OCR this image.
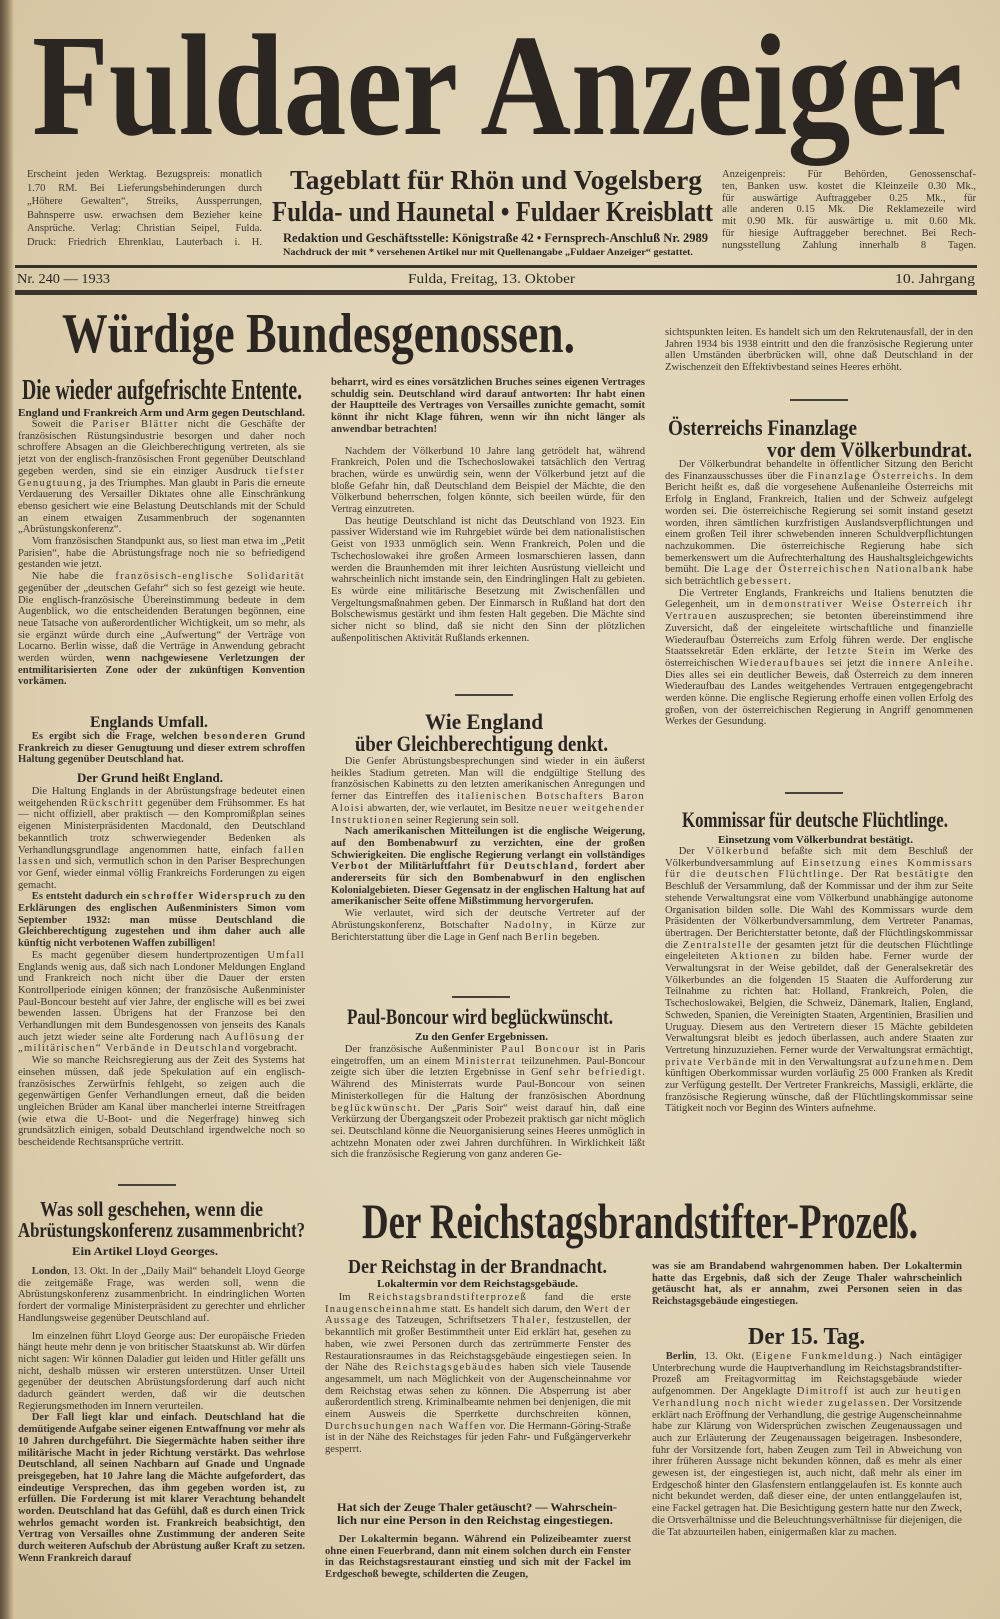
Fuldaer Anzeiger
Tageblatt für Rhön und Vogelsberg
Fulda- und Haunetal • Fuldaer Kreisblatt
Redaktion und Geschäftsstelle: Königstraße 42 • Fernsprech-Anschluß Nr. 2989
Nachdruck der mit * versehenen Artikel nur mit Quellenangabe „Fuldaer Anzeiger“ gestattet.
Nr. 240 — 1933	Fulda, Freitag, 13. Oktober	10. Jahrgang
Würdige Bundesgenossen.
Die wieder aufgefrischte Entente.
England und Frankreich Arm und Arm gegen Deutschland.
Englands Umfall.
Der Grund heißt England.
Was soll geschehen, wenn die
Abrüstungskonferenz zusammenbricht?
Ein Artikel Lloyd Georges.
Wie England
über Gleichberechtigung denkt.
Paul-Boncour wird beglückwünscht.
Zu den Genfer Ergebnissen.
Österreichs Finanzlage
vor dem Völkerbundrat.
Kommissar für deutsche Flüchtlinge.
Einsetzung vom Völkerbundrat bestätigt.
Der Reichstagsbrandstifter-Prozeß.
Der Reichstag in der Brandnacht.
Lokaltermin vor dem Reichstagsgebäude.
Hat sich der Zeuge Thaler getäuscht? — Wahrschein-
lich nur eine Person in den Reichstag eingestiegen.
Der 15. Tag.
Erscheint jeden Werktag. Bezugspreis: monatlich
1.70 RM. Bei Lieferungsbehinderungen durch
„Höhere Gewalten“, Streiks, Aussperrungen,
Bahnsperre usw. erwachsen dem Bezieher keine
Ansprüche. Verlag: Christian Seipel, Fulda.
Druck: Friedrich Ehrenklau, Lauterbach i. H.
Anzeigenpreis: Für Behörden, Genossenschaf-
ten, Banken usw. kostet die Kleinzeile 0.30 Mk.,
für auswärtige Auftraggeber 0.25 Mk., für
alle anderen 0.15 Mk. Die Reklamezeile wird
mit 0.90 Mk. für auswärtige u. mit 0.60 Mk.
für hiesige Auftraggeber berechnet. Bei Rech-
nungsstellung Zahlung innerhalb 8 Tagen.

Soweit die Pariser Blätter nicht die Geschäfte der französischen Rüstungsindustrie besorgen und daher noch schroffere Absagen an die Gleichberechtigung vertreten, als sie jetzt von der englisch-französischen Front gegenüber Deutschland gegeben werden, sind sie ein einziger Ausdruck tiefster Genugtuung, ja des Triumphes. Man glaubt in Paris die erneute Verdauerung des Versailler Diktates ohne alle Einschränkung ebenso gesichert wie eine Belastung Deutschlands mit der Schuld an einem etwaigen Zusammenbruch der sogenannten „Abrüstungskonferenz“.

Vom französischen Standpunkt aus, so liest man etwa im „Petit Parisien“, habe die Abrüstungsfrage noch nie so befriedigend gestanden wie jetzt.

Nie habe die französisch-englische Solidarität gegenüber der „deutschen Gefahr“ sich so fest gezeigt wie heute. Die englisch-französische Übereinstimmung bedeute in dem Augenblick, wo die entscheidenden Beratungen begönnen, eine neue Tatsache von außerordentlicher Wichtigkeit, um so mehr, als sie ergänzt würde durch eine „Aufwertung“ der Verträge von Locarno. Berlin wisse, daß die Verträge in Anwendung gebracht werden würden, wenn nachgewiesene Verletzungen der entmilitarisierten Zone oder der zukünftigen Konvention vorkämen.

Es ergibt sich die Frage, welchen besonderen Grund Frankreich zu dieser Genugtuung und dieser extrem schroffen Haltung gegenüber Deutschland hat.

Die Haltung Englands in der Abrüstungsfrage bedeutet einen weitgehenden Rückschritt gegenüber dem Frühsommer. Es hat — nicht offiziell, aber praktisch — den Kompromißplan seines eigenen Ministerpräsidenten Macdonald, den Deutschland bekanntlich trotz schwerwiegender Bedenken als Verhandlungsgrundlage angenommen hatte, einfach fallen lassen und sich, vermutlich schon in den Pariser Besprechungen vor Genf, wieder einmal völlig Frankreichs Forderungen zu eigen gemacht.

Es entsteht dadurch ein schroffer Widerspruch zu den Erklärungen des englischen Außenministers Simon vom September 1932: man müsse Deutschland die Gleichberechtigung zugestehen und ihm daher auch alle künftig nicht verbotenen Waffen zubilligen!

Es macht gegenüber diesem hundertprozentigen Umfall Englands wenig aus, daß sich nach Londoner Meldungen England und Frankreich noch nicht über die Dauer der ersten Kontrollperiode einigen können; der französische Außenminister Paul-Boncour besteht auf vier Jahre, der englische will es bei zwei bewenden lassen. Übrigens hat der Franzose bei den Verhandlungen mit dem Bundesgenossen von jenseits des Kanals auch jetzt wieder seine alte Forderung nach Auflösung der „militärischen“ Verbände in Deutschland vorgebracht.

Wie so manche Reichsregierung aus der Zeit des Systems hat einsehen müssen, daß jede Spekulation auf ein englisch-französisches Zerwürfnis fehlgeht, so zeigen auch die gegenwärtigen Genfer Verhandlungen erneut, daß die beiden ungleichen Brüder am Kanal über mancherlei interne Streitfragen (wie etwa die U-Boot- und die Negerfrage) hinweg sich grundsätzlich einigen, sobald Deutschland irgendwelche noch so bescheidende Rechtsansprüche vertritt.

London, 13. Okt. In der „Daily Mail“ behandelt Lloyd George die zeitgemäße Frage, was werden soll, wenn die Abrüstungskonferenz zusammenbricht. In eindringlichen Worten fordert der vormalige Ministerpräsident zu gerechter und ehrlicher Handlungsweise gegenüber Deutschland auf.

Im einzelnen führt Lloyd George aus: Der europäische Frieden hängt heute mehr denn je von britischer Staatskunst ab. Wir dürfen nicht sagen: Wir können Daladier gut leiden und Hitler gefällt uns nicht, deshalb müssen wir ersteren unterstützen. Unser Urteil gegenüber der deutschen Abrüstungsforderung darf auch nicht dadurch geändert werden, daß wir die deutschen Regierungsmethoden im Innern verurteilen.

Der Fall liegt klar und einfach. Deutschland hat die demütigende Aufgabe seiner eigenen Entwaffnung vor mehr als 10 Jahren durchgeführt. Die Siegermächte haben seither ihre militärische Macht in jeder Richtung verstärkt. Das wehrlose Deutschland, all seinen Nachbarn auf Gnade und Ungnade preisgegeben, hat 10 Jahre lang die Mächte aufgefordert, das eindeutige Versprechen, das ihm gegeben worden ist, zu erfüllen. Die Forderung ist mit klarer Verachtung behandelt worden. Deutschland hat das Gefühl, daß es durch einen Trick wehrlos gemacht worden ist. Frankreich beabsichtigt, den Vertrag von Versailles ohne Zustimmung der anderen Seite durch weiteren Aufschub der Abrüstung außer Kraft zu setzen. Wenn Frankreich darauf

beharrt, wird es eines vorsätzlichen Bruches seines eigenen Vertrages schuldig sein. Deutschland wird darauf antworten: Ihr habt einen der Hauptteile des Vertrages von Versailles zunichte gemacht, somit könnt ihr nicht Klage führen, wenn wir ihn nicht länger als anwendbar betrachten!

Nachdem der Völkerbund 10 Jahre lang getrödelt hat, während Frankreich, Polen und die Tschechoslowakei tatsächlich den Vertrag brachen, würde es unwürdig sein, wenn der Völkerbund jetzt auf die bloße Gefahr hin, daß Deutschland dem Beispiel der Mächte, die den Völkerbund beherrschen, folgen könnte, sich beeilen würde, für den Vertrag einzutreten.

Das heutige Deutschland ist nicht das Deutschland von 1923. Ein passiver Widerstand wie im Ruhrgebiet würde bei dem nationalistischen Geist von 1933 unmöglich sein. Wenn Frankreich, Polen und die Tschechoslowakei ihre großen Armeen losmarschieren lassen, dann werden die Braunhemden mit ihrer leichten Ausrüstung vielleicht und wahrscheinlich nicht imstande sein, den Eindringlingen Halt zu gebieten. Es würde eine militärische Besetzung mit Zwischenfällen und Vergeltungsmaßnahmen geben. Der Einmarsch in Rußland hat dort den Bolschewismus gestärkt und ihm festen Halt gegeben. Die Mächte sind sicher nicht so blind, daß sie nicht den Sinn der plötzlichen außenpolitischen Aktivität Rußlands erkennen.

Die Genfer Abrüstungsbesprechungen sind wieder in ein äußerst heikles Stadium getreten. Man will die endgültige Stellung des französischen Kabinetts zu den letzten amerikanischen Anregungen und ferner das Eintreffen des italienischen Botschafters Baron Aloisi abwarten, der, wie verlautet, im Besitze neuer weitgehender Instruktionen seiner Regierung sein soll.

Nach amerikanischen Mitteilungen ist die englische Weigerung, auf den Bombenabwurf zu verzichten, eine der großen Schwierigkeiten. Die englische Regierung verlangt ein vollständiges Verbot der Militärluftfahrt für Deutschland, fordert aber andererseits für sich den Bombenabwurf in den englischen Kolonialgebieten. Dieser Gegensatz in der englischen Haltung hat auf amerikanischer Seite offene Mißstimmung hervorgerufen.

Wie verlautet, wird sich der deutsche Vertreter auf der Abrüstungskonferenz, Botschafter Nadolny, in Kürze zur Berichterstattung über die Lage in Genf nach Berlin begeben.

Der französische Außenminister Paul Boncour ist in Paris eingetroffen, um an einem Ministerrat teilzunehmen. Paul-Boncour zeigte sich über die letzten Ergebnisse in Genf sehr befriedigt. Während des Ministerrats wurde Paul-Boncour von seinen Ministerkollegen für die Haltung der französischen Abordnung beglückwünscht. Der „Paris Soir“ weist darauf hin, daß eine Verkürzung der Übergangszeit oder Probezeit praktisch gar nicht möglich sei. Deutschland könne die Neuorganisierung seines Heeres unmöglich in achtzehn Monaten oder zwei Jahren durchführen. In Wirklichkeit läßt sich die französische Regierung von ganz anderen Ge-

sichtspunkten leiten. Es handelt sich um den Rekrutenausfall, der in den Jahren 1934 bis 1938 eintritt und den die französische Regierung unter allen Umständen überbrücken will, ohne daß Deutschland in der Zwischenzeit den Effektivbestand seines Heeres erhöht.

Der Völkerbundrat behandelte in öffentlicher Sitzung den Bericht des Finanzausschusses über die Finanzlage Österreichs. In dem Bericht heißt es, daß die vorgesehene Außenanleihe Österreichs mit Erfolg in England, Frankreich, Italien und der Schweiz aufgelegt worden sei. Die österreichische Regierung sei somit instand gesetzt worden, ihren sämtlichen kurzfristigen Auslandsverpflichtungen und einem großen Teil ihrer schwebenden inneren Schuldverpflichtungen nachzukommen. Die österreichische Regierung habe sich bemerkenswert um die Aufrechterhaltung des Haushaltsgleichgewichts bemüht. Die Lage der Österreichischen Nationalbank habe sich beträchtlich gebessert.

Die Vertreter Englands, Frankreichs und Italiens benutzten die Gelegenheit, um in demonstrativer Weise Österreich ihr Vertrauen auszusprechen; sie betonten übereinstimmend ihre Zuversicht, daß der eingeleitete wirtschaftliche und finanzielle Wiederaufbau Österreichs zum Erfolg führen werde. Der englische Staatssekretär Eden erklärte, der letzte Stein im Werke des österreichischen Wiederaufbaues sei jetzt die innere Anleihe. Dies alles sei ein deutlicher Beweis, daß Österreich zu dem inneren Wiederaufbau des Landes weitgehendes Vertrauen entgegengebracht werden könne. Die englische Regierung erhoffe einen vollen Erfolg des großen, von der österreichischen Regierung in Angriff genommenen Werkes der Gesundung.

Der Völkerbund befaßte sich mit dem Beschluß der Völkerbundversammlung auf Einsetzung eines Kommissars für die deutschen Flüchtlinge. Der Rat bestätigte den Beschluß der Versammlung, daß der Kommissar und der ihm zur Seite stehende Verwaltungsrat eine vom Völkerbund unabhängige autonome Organisation bilden solle. Die Wahl des Kommissars wurde dem Präsidenten der Völkerbundversammlung, dem Vertreter Panamas, übertragen. Der Berichterstatter betonte, daß der Flüchtlingskommissar die Zentralstelle der gesamten jetzt für die deutschen Flüchtlinge eingeleiteten Aktionen zu bilden habe. Ferner wurde der Verwaltungsrat in der Weise gebildet, daß der Generalsekretär des Völkerbundes an die folgenden 15 Staaten die Aufforderung zur Teilnahme zu richten hat: Holland, Frankreich, Polen, die Tschechoslowakei, Belgien, die Schweiz, Dänemark, Italien, England, Schweden, Spanien, die Vereinigten Staaten, Argentinien, Brasilien und Uruguay. Diesem aus den Vertretern dieser 15 Mächte gebildeten Verwaltungsrat bleibt es jedoch überlassen, auch andere Staaten zur Vertretung hinzuzuziehen. Ferner wurde der Verwaltungsrat ermächtigt, private Verbände mit in den Verwaltungsrat aufzunehmen. Dem künftigen Oberkommissar wurden vorläufig 25 000 Franken als Kredit zur Verfügung gestellt. Der Vertreter Frankreichs, Massigli, erklärte, die französische Regierung wünsche, daß der Flüchtlingskommissar seine Tätigkeit noch vor Beginn des Winters aufnehme.

Im Reichstagsbrandstifterprozeß fand die erste Inaugenscheinnahme statt. Es handelt sich darum, den Wert der Aussage des Tatzeugen, Schriftsetzers Thaler, festzustellen, der bekanntlich mit großer Bestimmtheit unter Eid erklärt hat, gesehen zu haben, wie zwei Personen durch das zertrümmerte Fenster des Restaurationsraumes in das Reichstagsgebäude eingestiegen seien. In der Nähe des Reichstagsgebäudes haben sich viele Tausende angesammelt, um nach Möglichkeit von der Augenscheinnahme vor dem Reichstag etwas sehen zu können. Die Absperrung ist aber außerordentlich streng. Kriminalbeamte nehmen bei denjenigen, die mit einem Ausweis die Sperrkette durchschreiten können, Durchsuchungen nach Waffen vor. Die Hermann-Göring-Straße ist in der Nähe des Reichstages für jeden Fahr- und Fußgängerverkehr gesperrt.

Der Lokaltermin begann. Während ein Polizeibeamter zuerst ohne einen Feuerbrand, dann mit einem solchen durch ein Fenster in das Reichstagsrestaurant einstieg und sich mit der Fackel im Erdgeschoß bewegte, schilderten die Zeugen,

was sie am Brandabend wahrgenommen haben. Der Lokaltermin hatte das Ergebnis, daß sich der Zeuge Thaler wahrscheinlich getäuscht hat, als er annahm, zwei Personen seien in das Reichstagsgebäude eingestiegen.

Berlin, 13. Okt. (Eigene Funkmeldung.) Nach eintägiger Unterbrechung wurde die Hauptverhandlung im Reichstagsbrandstifter-Prozeß am Freitagvormittag im Reichstagsgebäude wieder aufgenommen. Der Angeklagte Dimitroff ist auch zur heutigen Verhandlung noch nicht wieder zugelassen. Der Vorsitzende erklärt nach Eröffnung der Verhandlung, die gestrige Augenscheinnahme habe zur Klärung von Widersprüchen zwischen Zeugenaussagen und auch zur Erläuterung der Zeugenaussagen beigetragen. Insbesondere, fuhr der Vorsitzende fort, haben Zeugen zum Teil in Abweichung von ihrer früheren Aussage nicht bekunden können, daß es mehr als einer gewesen ist, der eingestiegen ist, auch nicht, daß mehr als einer im Erdgeschoß hinter den Glasfenstern entlanggelaufen ist. Es konnte auch nicht bekundet werden, daß dieser eine, der unten entlanggelaufen ist, eine Fackel getragen hat. Die Besichtigung gestern hatte nur den Zweck, die Ortsverhältnisse und die Beleuchtungsverhältnisse für diejenigen, die die Tat abzuurteilen haben, einigermaßen klar zu machen.
